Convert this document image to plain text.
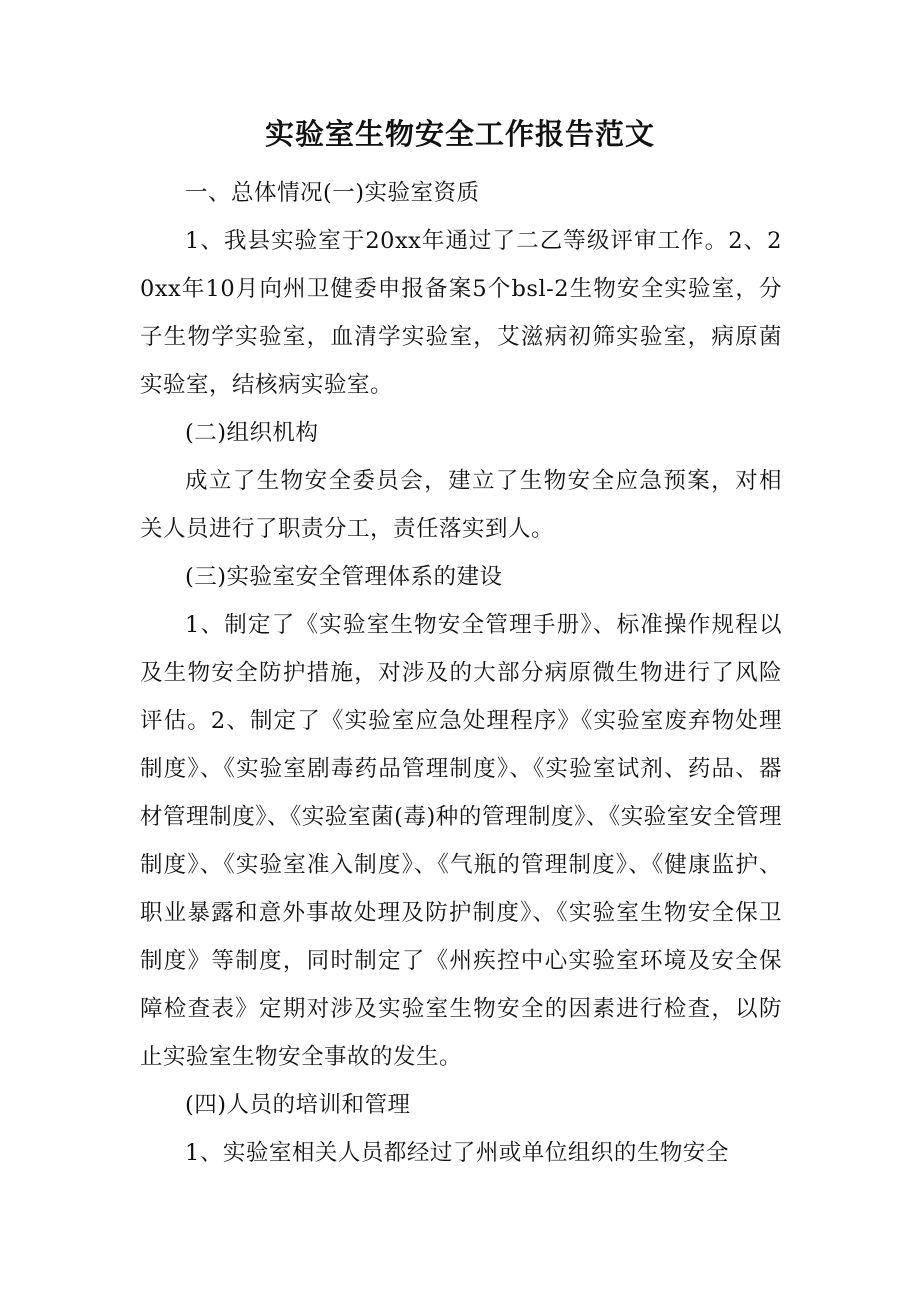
实验室生物安全工作报告范文

一、总体情况(一)实验室资质

1、我县实验室于20xx年通过了二乙等级评审工作。2、20xx年10月向州卫健委申报备案5个bsl-2生物安全实验室，分子生物学实验室，血清学实验室，艾滋病初筛实验室，病原菌实验室，结核病实验室。

(二)组织机构

成立了生物安全委员会，建立了生物安全应急预案，对相关人员进行了职责分工，责任落实到人。

(三)实验室安全管理体系的建设

1、制定了《实验室生物安全管理手册》、标准操作规程以及生物安全防护措施，对涉及的大部分病原微生物进行了风险评估。2、制定了《实验室应急处理程序》《实验室废弃物处理制度》、《实验室剧毒药品管理制度》、《实验室试剂、药品、器材管理制度》、《实验室菌(毒)种的管理制度》、《实验室安全管理制度》、《实验室准入制度》、《气瓶的管理制度》、《健康监护、职业暴露和意外事故处理及防护制度》、《实验室生物安全保卫制度》等制度，同时制定了《州疾控中心实验室环境及安全保障检查表》定期对涉及实验室生物安全的因素进行检查，以防止实验室生物安全事故的发生。

(四)人员的培训和管理

1、实验室相关人员都经过了州或单位组织的生物安全
